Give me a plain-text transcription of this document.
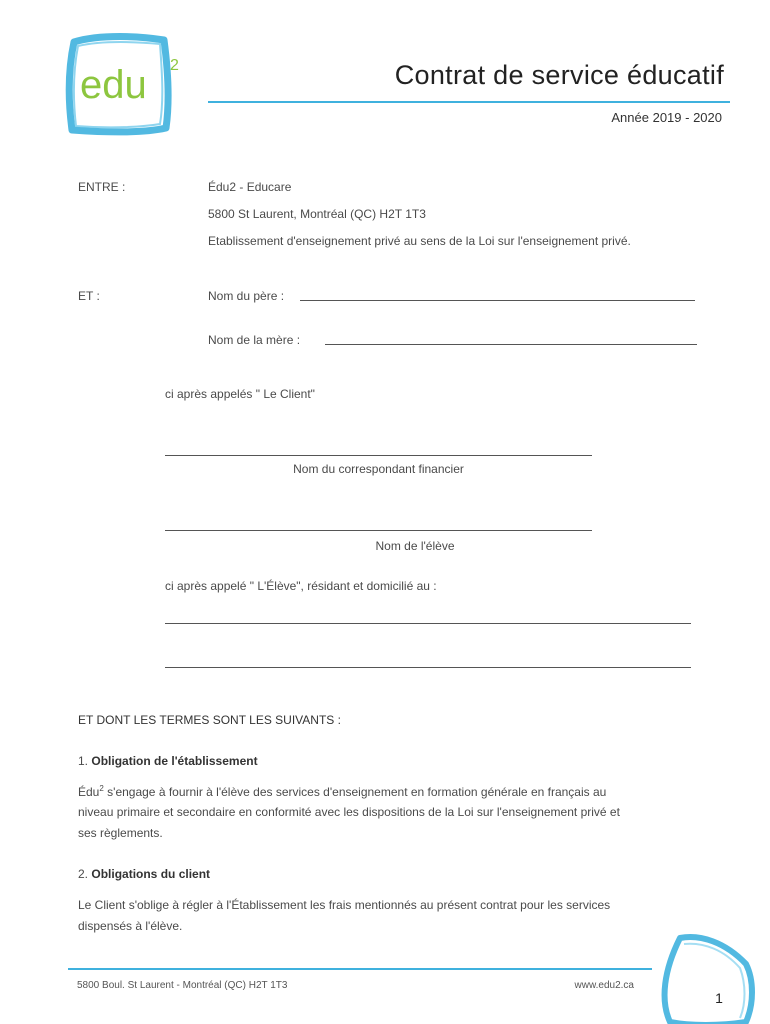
edu 2	Contrat de service éducatif
Année 2019 - 2020
ENTRE :	Édu2 - Educare
5800 St Laurent, Montréal (QC) H2T 1T3
Etablissement d'enseignement privé au sens de la Loi sur l'enseignement privé.
ET :	Nom du père :
Nom de la mère :
ci après appelés " Le Client"
Nom du correspondant financier
Nom de l'élève
ci après appelé " L'Élève", résidant et domicilié au :
ET DONT LES TERMES SONT LES SUIVANTS :
1. Obligation de l'établissement
Édu$^2$ s'engage à fournir à l'élève des services d'enseignement en formation générale en français au
niveau primaire et secondaire en conformité avec les dispositions de la Loi sur l'enseignement privé et
ses règlements.
2. Obligations du client
Le Client s'oblige à régler à l'Établissement les frais mentionnés au présent contrat pour les services
dispensés à l'élève.
5800 Boul. St Laurent - Montréal (QC) H2T 1T3	www.edu2.ca
1
